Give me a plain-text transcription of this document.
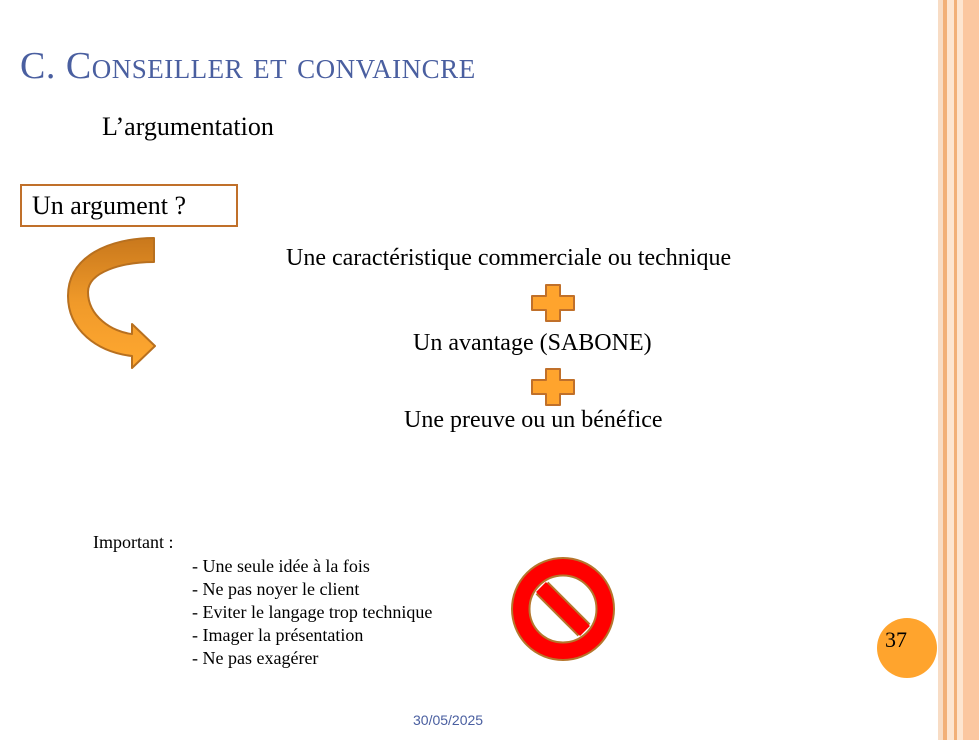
C. Conseiller et convaincre
L’argumentation
Un argument ?
Une caractéristique commerciale ou technique
Un avantage (SABONE)
Une preuve ou un bénéfice
Important :
- Une seule idée à la fois
- Ne pas noyer le client
- Eviter le langage trop technique
- Imager la présentation
- Ne pas exagérer
37
30/05/2025
